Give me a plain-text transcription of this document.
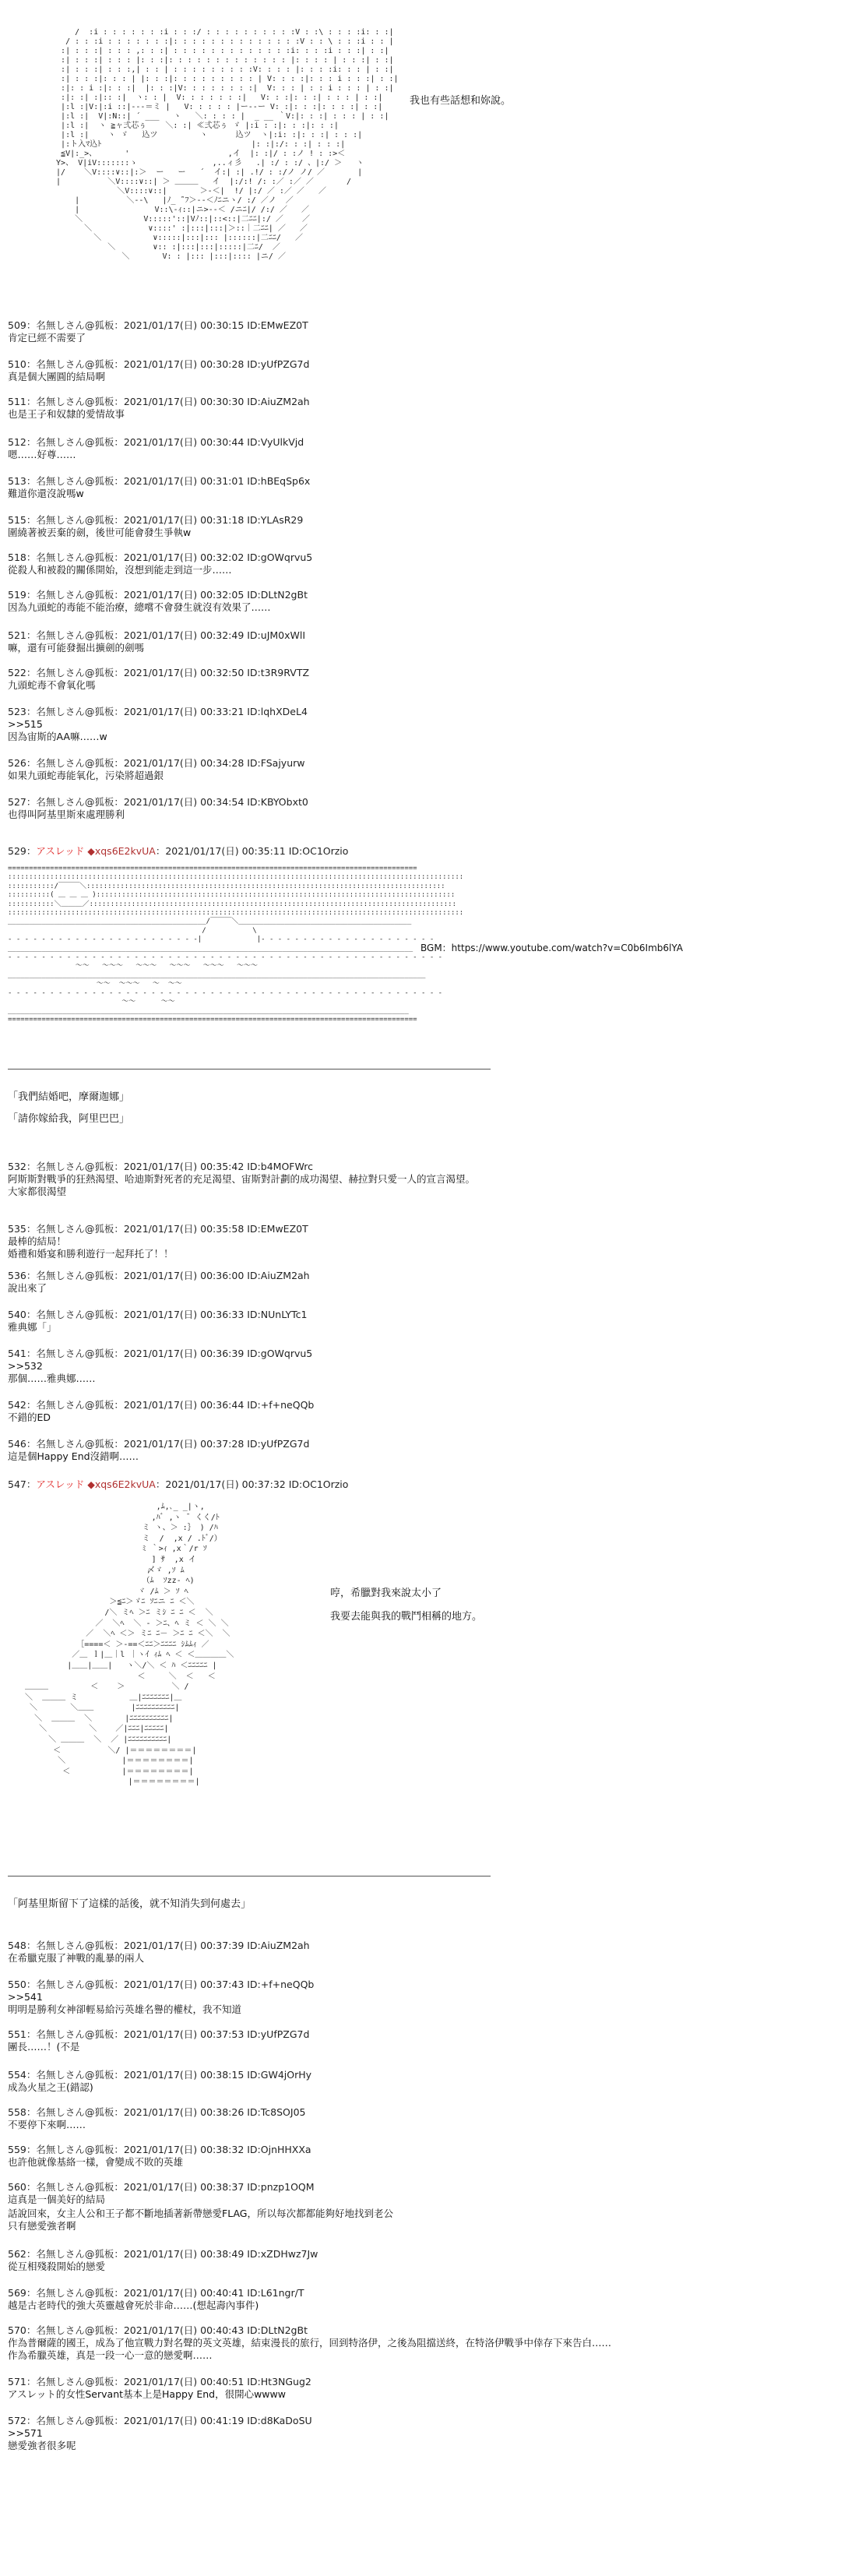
/  :i : : : : : : :i : : :/ : : : : : : : : : :V : :\ : : : :i: : :|
/ : : :i : : : : : : :|: : : : : : : : : : : : : :V : : \ : : :i : : |
:| : : :| : : : ,: : :| : : : : : : : : : : : : :i: : : :i : : :| : :|
:| : : :| : : : |: : :|: : : : : : : : : : : : : |: : : : | : : :| : :|
:| : : :| : : :,| : : | : : : : : : : : :V: : : : |: : : :i: : : | : :|
:| : : :|: : : | |: : :|: : : : : : : : : | V: : : :|: : : i : : :| : :|
:|: : i :|: : :|  |: : :|V: : : : : : : :|  V: : : | : : i : : : | : :|
:|: :| :|:: :|  ヽ: : |  V: : : : : : :|   V: : :|: : :| : : : | : :|
|:l :|V:|:i ::|‐--＝ミ |   V: : : : : |ー--ー V: :|: : :|: : : :| : :|
|:l :|  V|:N::| ´ ___   ヽ   ＼: : : : |  _ __ ｀V:|: : :| : : : | : :|
|:l :|  ヽ ≧ャ弍芯ぅ    ＼: :| ≪弍芯ぅ ゞ |:i : :|: : :|: : :|
|:l :|    ヽ ゞ   込ツ         ヽ      込ツ  ヽ|:i: :|: : :| : : :|
|:ト入ﾏ込ﾄ                                |: :|:/: : :| : : :|
≦V|:_>、      '                     ,イ  |: :|/ : :ノ ! : :>＜
Y>、 V|iV:::::::ゝ                ,..ィ彡   .| :/ : :/ 、|:/ ＞   ヽ
|/    ＼V::::∨::|:＞  ー   ー   ´  イ:| :| .!/ : :/ノ ノ/ ／       |
|          ＼V::::∨::| ＞ ＿＿＿   イ  |:/:! /: :／ :／ ／       /
＼V::::∨::|       ＞‐＜|  !/ |:/ ／ :／ ／   ／
|          ＼‐-\   |ﾉ_ ̄¨ﾌ＞--＜ﾉﾆニヽ/ :/ ／ノ  ／
|                V::\-ｨ::|ニ>--＜ /ニﾆ|/ /:/ ／   ／
＼             V:::::'::|Vﾉ::|::<::|二ﾆﾆ|:/ ／    ／
＼            ∨::::' :|:::|:::|＞::｜二ﾆﾆ| ／   ／
＼           ∨:::::|:::|::: |::::::|二ﾆﾆ/   ／
＼        ∨:: :|:::|:::|:::::|二ﾆ/  ／
＼       V: : |::: |:::|:::: |ニ/ ／
我也有些話想和妳說。
509：名無しさん@狐板：2021/01/17(日) 00:30:15 ID:EMwEZ0T
肯定已經不需要了
510：名無しさん@狐板：2021/01/17(日) 00:30:28 ID:yUfPZG7d
真是個大團圓的結局啊
511：名無しさん@狐板：2021/01/17(日) 00:30:30 ID:AiuZM2ah
也是王子和奴隸的愛情故事
512：名無しさん@狐板：2021/01/17(日) 00:30:44 ID:VyUlkVjd
嗯……好尊……
513：名無しさん@狐板：2021/01/17(日) 00:31:01 ID:hBEqSp6x
難道你還沒說嗎w
515：名無しさん@狐板：2021/01/17(日) 00:31:18 ID:YLAsR29
圍繞著被丟棄的劍，後世可能會發生爭執w
518：名無しさん@狐板：2021/01/17(日) 00:32:02 ID:gOWqrvu5
從殺人和被殺的關係開始，沒想到能走到這一步……
519：名無しさん@狐板：2021/01/17(日) 00:32:05 ID:DLtN2gBt
因為九頭蛇的毒能不能治療，總嚐不會發生就沒有效果了……
521：名無しさん@狐板：2021/01/17(日) 00:32:49 ID:uJM0xWlI
嘛，還有可能發掘出擴劍的劍嗎
522：名無しさん@狐板：2021/01/17(日) 00:32:50 ID:t3R9RVTZ
九頭蛇毒不會氧化嗎
523：名無しさん@狐板：2021/01/17(日) 00:33:21 ID:lqhXDeL4
>>515
因為宙斯的AA嘛……w
526：名無しさん@狐板：2021/01/17(日) 00:34:28 ID:FSajyurw
如果九頭蛇毒能氧化，污染將超過銀
527：名無しさん@狐板：2021/01/17(日) 00:34:54 ID:KBYObxt0
也得叫阿基里斯來處理勝利
529：アスレッド ◆xqs6E2kvUA：2021/01/17(日) 00:35:11 ID:OC1Orzio
=================================================================================================
::::::::::::::::::::::::::::::::::::::::::::::::::::::::::::::::::::::::::::::::::::::::::::::::::::::::::::
:::::::::::/￣￣￣＼:::::::::::::::::::::::::::::::::::::::::::::::::::::::::::::::::::::::::::::::::::::
::::::::::( ＿ ＿ ＿ ):::::::::::::::::::::::::::::::::::::::::::::::::::::::::::::::::::::::::::::::::::::
:::::::::::＼＿＿＿／:::::::::::::::::::::::::::::::::::::::::::::::::::::::::::::::::::::::::::::::::::::::
::::::::::::::::::::::::::::::::::::::::::::::::::::::::::::::::::::::::::::::::::::::::::::::::::::::::::::
_______________________________________________/￣￣￣＼_________________________________________
/           \
- - - - - - - - - - - - - - - - - - - - - - -|             |- - - - - - - - - - - - - - - - - - - - -
________________________________________________________________________________________________
- - - - - - - - - - - - - - - - - - - - - - - - - - - - - - - - - - - - - - - - - - - - - - - - - - - -
～～   ～～～   ～～～   ～～～   ～～～   ～～～
___________________________________________________________________________________________________
～～  ～～～   ～  ～～
- - - - - - - - - - - - - - - - - - - - - - - - - - - - - - - - - - - - - - - - - - - - - - - - - - - -
～～      ～～
_______________________________________________________________________________________________
=================================================================================================
BGM：https://www.youtube.com/watch?v=C0b6Imb6lYA
「我們結婚吧，摩爾迦娜」
「請你嫁給我，阿里巴巴」
532：名無しさん@狐板：2021/01/17(日) 00:35:42 ID:b4MOFWrc
阿斯斯對戰爭的狂熱渴望、哈迪斯對死者的充足渴望、宙斯對計劃的成功渴望、赫拉對只愛一人的宣言渴望。
大家都很渴望
535：名無しさん@狐板：2021/01/17(日) 00:35:58 ID:EMwEZ0T
最棒的結局！
婚禮和婚宴和勝利遊行一起拜托了！！
536：名無しさん@狐板：2021/01/17(日) 00:36:00 ID:AiuZM2ah
說出來了
540：名無しさん@狐板：2021/01/17(日) 00:36:33 ID:NUnLYTc1
雅典娜「」
541：名無しさん@狐板：2021/01/17(日) 00:36:39 ID:gOWqrvu5
>>532
那個……雅典娜……
542：名無しさん@狐板：2021/01/17(日) 00:36:44 ID:+f+neQQb
不錯的ED
546：名無しさん@狐板：2021/01/17(日) 00:37:28 ID:yUfPZG7d
這是個Happy End沒錯啊……
547：アスレッド ◆xqs6E2kvUA：2021/01/17(日) 00:37:32 ID:OC1Orzio
,ﾑ,､_ _|ヽ,
,ﾊﾞ ,ヽ ̄  くく/ﾄ
ミ ヽ、＞ :｝ ) /ﾊ
ミ  /  ,x / .ﾄﾞ/）
ﾐ ｀>ｨ ,x｀/r ｿ
] ｻ  ,x イ
〆ゞ ,ｿ ﾑ
（ﾑ  ｿzz- ﾍ)
ヾ /ﾑ ＞ ｿ ﾍ
＞≦ﾆ＞ゞﾆ ｿﾆニ ﾆ ＜＼
/＼ ミﾍ ＞ﾆ ミｼ ﾆ ﾆ ＜  ＼
／  ＼ﾍ  ＼ - ＞ﾆ、ﾍ ミ ＜ ＼ ＼
／  ＼ﾍ ＜＞ ミﾆ ﾆ－ ＞ﾆ ﾆ ＜＼  ＼
［====＜ ＞-==＜ﾆﾆ＞ﾆﾆﾆﾆ ｼﾑﾑｨ ／
／＿ ｌ|＿｜l ｜ヽｲ ｨﾑ ﾍ ＜ ＜＿＿＿＿＼
|＿＿|＿＿|   ヽ＼/＼ ＜ ﾊ ＜ﾆﾆﾆﾆﾆ |
＜     ＼  ＜   ＜
＿＿＿         ＜    ＞          ＼ /
＼  ＿＿＿ ミ           ＿|ﾆﾆﾆﾆﾆﾆﾆ|＿
＼       ＼＿＿        |ﾆﾆﾆﾆﾆﾆﾆﾆﾆﾆ|
＼  ＿＿＿  ＼       |ﾆﾆﾆﾆﾆﾆﾆﾆﾆﾆ|
＼         ＼    ／|ﾆﾆﾆ|ﾆﾆﾆﾆﾆ|
＼ ＿＿＿  ＼  ／ |ﾆﾆﾆﾆﾆﾆﾆﾆﾆﾆ|
＜          ＼/ |＝＝＝＝＝＝＝＝|
＼            |＝＝＝＝＝＝＝＝|
＜           |＝＝＝＝＝＝＝＝|
|＝＝＝＝＝＝＝＝|
哼，希臘對我來說太小了
我要去能與我的戰鬥相稱的地方。
「阿基里斯留下了這樣的話後，就不知消失到何處去」
548：名無しさん@狐板：2021/01/17(日) 00:37:39 ID:AiuZM2ah
在希臘克服了神戰的亂暴的兩人
550：名無しさん@狐板：2021/01/17(日) 00:37:43 ID:+f+neQQb
>>541
明明是勝利女神卻輕易給污英雄名譽的權杖，我不知道
551：名無しさん@狐板：2021/01/17(日) 00:37:53 ID:yUfPZG7d
團長……！(不是
554：名無しさん@狐板：2021/01/17(日) 00:38:15 ID:GW4jOrHy
成為火星之王(錯認)
558：名無しさん@狐板：2021/01/17(日) 00:38:26 ID:Tc8SOJ05
不要停下來啊……
559：名無しさん@狐板：2021/01/17(日) 00:38:32 ID:OjnHHXXa
也許他就像基絡一樣，會變成不敗的英雄
560：名無しさん@狐板：2021/01/17(日) 00:38:37 ID:pnzp1OQM
這真是一個美好的結局
話說回來，女主人公和王子都不斷地插著新帶戀愛FLAG，所以每次都都能夠好地找到老公
只有戀愛強者啊
562：名無しさん@狐板：2021/01/17(日) 00:38:49 ID:xZDHwz7Jw
從互相殘殺開始的戀愛
569：名無しさん@狐板：2021/01/17(日) 00:40:41 ID:L61ngr/T
越是古老時代的強大英靈越會死於非命……(想起壽內事件)
570：名無しさん@狐板：2021/01/17(日) 00:40:43 ID:DLtN2gBt
作為普爾薩的國王，成為了他宣戰力對名聲的英文英雄，結束漫長的旅行，回到特洛伊，之後為阻擋送終，在特洛伊戰爭中倖存下來告白……
作為希臘英雄，真是一段一心一意的戀愛啊……
571：名無しさん@狐板：2021/01/17(日) 00:40:51 ID:Ht3NGug2
アスレット的女性Servant基本上是Happy End，很開心wwww
572：名無しさん@狐板：2021/01/17(日) 00:41:19 ID:d8KaDoSU
>>571
戀愛強者很多呢
